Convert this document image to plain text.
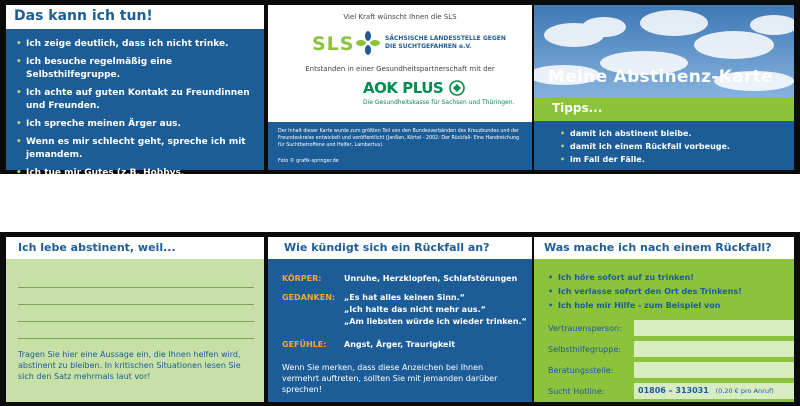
Das kann ich tun!
• Ich zeige deutlich, dass ich nicht trinke.
• Ich besuche regelmäßig eine Selbsthilfegruppe.
• Ich achte auf guten Kontakt zu Freundinnen und Freunden.
• Ich spreche meinen Ärger aus.
• Wenn es mir schlecht geht, spreche ich mit jemandem.
• Ich tue mir Gutes (z.B. Hobbys, Spaziergänge).
Viel Kraft wünscht Ihnen die SLS
SLS	SÄCHSISCHE LANDESSTELLE GEGEN DIE SUCHTGEFAHREN e.V.
Entstanden in einer Gesundheitspartnerschaft mit der
AOK PLUS
Die Gesundheitskasse für Sachsen und Thüringen.
Der Inhalt dieser Karte wurde zum größten Teil von den Bundesverbänden des Kreuzbundes und der Freundeskreise entwickelt und veröffentlicht (Janßen, Körtel - 2002: Der Rückfall- Eine Handreichung für Suchtbetroffene und Helfer, Lambertus).
Foto © grafik-springer.de
Meine Abstinenz-Karte
Tipps...
• damit ich abstinent bleibe.
• damit ich einem Rückfall vorbeuge.
• im Fall der Fälle.
Ich lebe abstinent, weil...
Tragen Sie hier eine Aussage ein, die Ihnen helfen wird, abstinent zu bleiben. In kritischen Situationen lesen Sie sich den Satz mehrmals laut vor!
Wie kündigt sich ein Rückfall an?
KÖRPER:	Unruhe, Herzklopfen, Schlafstörungen
GEDANKEN: „Es hat alles keinen Sinn.“
„Ich halte das nicht mehr aus.“
„Am liebsten würde ich wieder trinken.“
GEFÜHLE: Angst, Ärger, Traurigkeit
Wenn Sie merken, dass diese Anzeichen bei Ihnen vermehrt auftreten, sollten Sie mit jemanden darüber sprechen!
Was mache ich nach einem Rückfall?
• Ich höre sofort auf zu trinken!
• Ich verlasse sofort den Ort des Trinkens!
• Ich hole mir Hilfe - zum Beispiel von
Vertrauensperson:
Selbsthilfegruppe:
Beratungsstelle:
Sucht Hotline:	01806 – 313031 (0,20 € pro Anruf)
